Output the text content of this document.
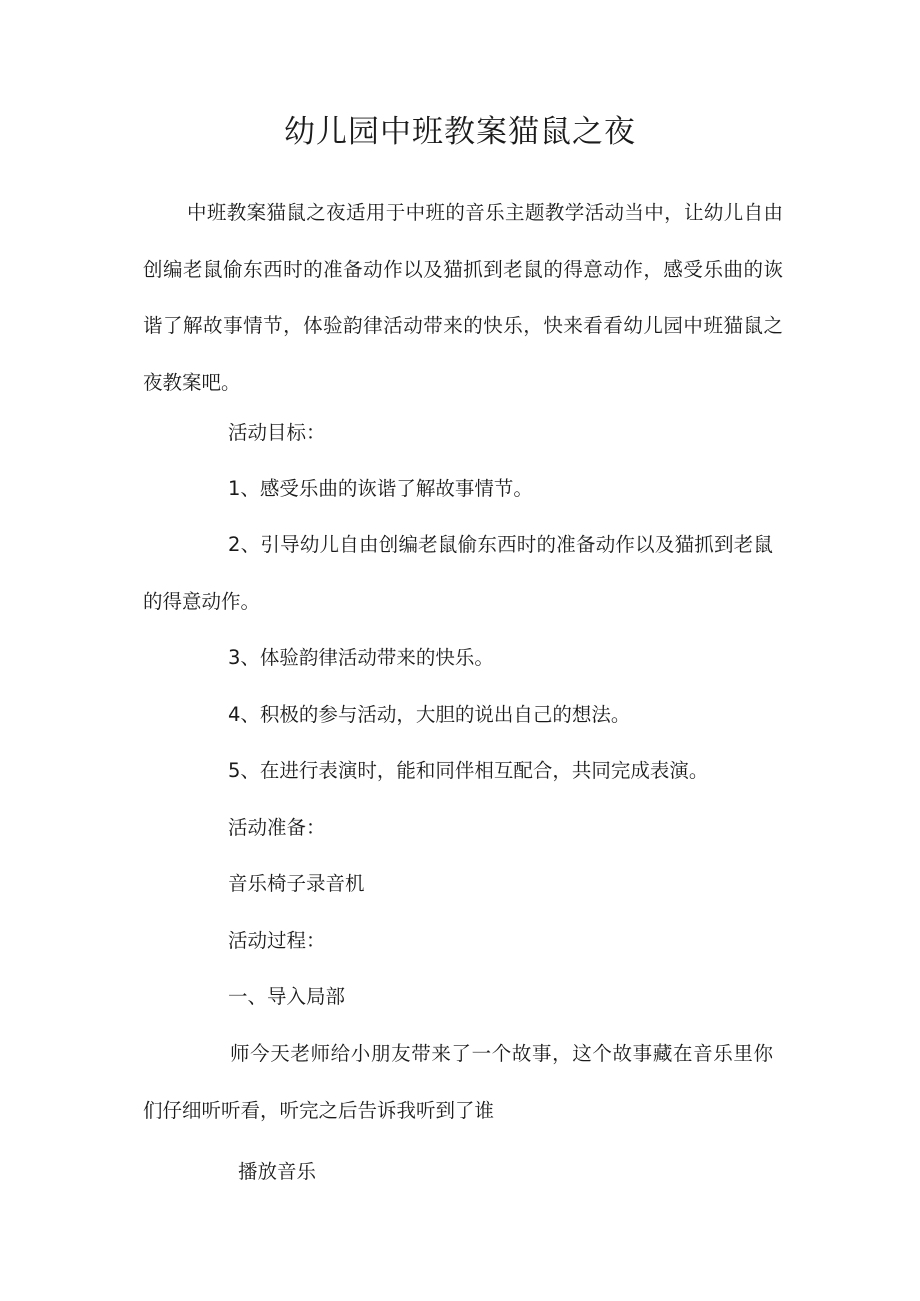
幼儿园中班教案猫鼠之夜
中班教案猫鼠之夜适用于中班的音乐主题教学活动当中，让幼儿自由创编老鼠偷东西时的准备动作以及猫抓到老鼠的得意动作，感受乐曲的诙谐了解故事情节，体验韵律活动带来的快乐，快来看看幼儿园中班猫鼠之夜教案吧。
活动目标：
1、感受乐曲的诙谐了解故事情节。
2、引导幼儿自由创编老鼠偷东西时的准备动作以及猫抓到老鼠的得意动作。
3、体验韵律活动带来的快乐。
4、积极的参与活动，大胆的说出自己的想法。
5、在进行表演时，能和同伴相互配合，共同完成表演。
活动准备：
音乐椅子录音机
活动过程：
一、导入局部
师今天老师给小朋友带来了一个故事，这个故事藏在音乐里你们仔细听听看，听完之后告诉我听到了谁
播放音乐
